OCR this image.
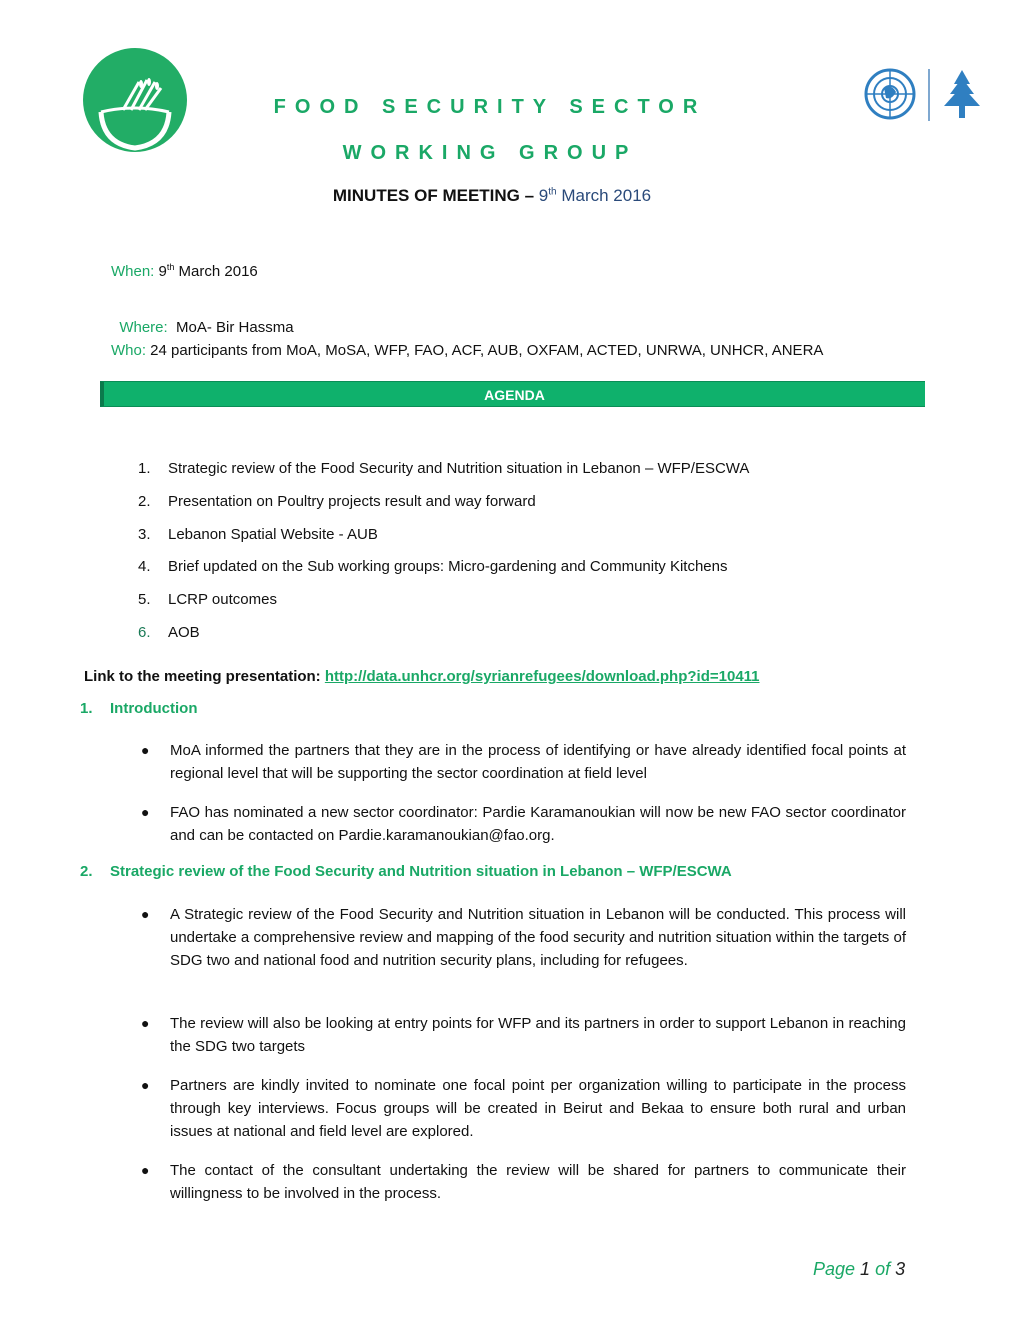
FOOD SECURITY SECTOR
WORKING GROUP
MINUTES OF MEETING – 9th March 2016
When: 9th March 2016

Where:  MoA- Bir Hassma

Who: 24 participants from MoA, MoSA, WFP, FAO, ACF, AUB, OXFAM, ACTED, UNRWA, UNHCR, ANERA
AGENDA
1. Strategic review of the Food Security and Nutrition situation in Lebanon – WFP/ESCWA
2. Presentation on Poultry projects result and way forward
3. Lebanon Spatial Website - AUB
4. Brief updated on the Sub working groups: Micro-gardening and Community Kitchens
5. LCRP outcomes
6. AOB
Link to the meeting presentation: http://data.unhcr.org/syrianrefugees/download.php?id=10411
1. Introduction
● MoA informed the partners that they are in the process of identifying or have already identified focal points at regional level that will be supporting the sector coordination at field level
● FAO has nominated a new sector coordinator: Pardie Karamanoukian will now be new FAO sector coordinator and can be contacted on Pardie.karamanoukian@fao.org.
2. Strategic review of the Food Security and Nutrition situation in Lebanon – WFP/ESCWA
● A Strategic review of the Food Security and Nutrition situation in Lebanon will be conducted. This process will undertake a comprehensive review and mapping of the food security and nutrition situation within the targets of SDG two and national food and nutrition security plans, including for refugees.
● The review will also be looking at entry points for WFP and its partners in order to support Lebanon in reaching the SDG two targets
● Partners are kindly invited to nominate one focal point per organization willing to participate in the process through key interviews. Focus groups will be created in Beirut and Bekaa to ensure both rural and urban issues at national and field level are explored.
● The contact of the consultant undertaking the review will be shared for partners to communicate their willingness to be involved in the process.
Page 1 of 3
